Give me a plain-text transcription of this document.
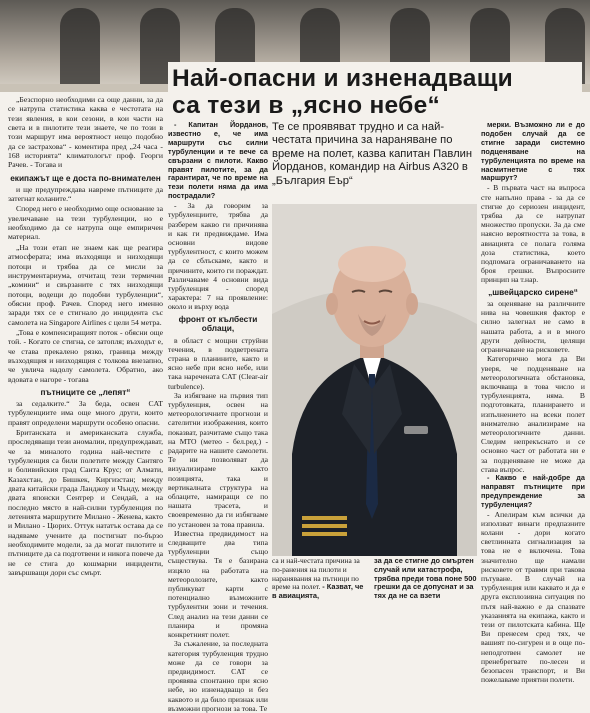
„Безспорно необходими са още данни, за да се натрупа статистика каква е честотата на тези явления, в кои сезони, в кои части на света и в пилотите тези знаете, че по този в този маршрут има вероятност нещо подобно да се застрахова“ - коментира пред „24 часа - 168 историята“ климатологът проф. Георги Рачев. - Тогава и

екипажът ще е доста по-внимателен

и ще предупреждава навреме пътниците да затегнат коланите.“

Според него е необходимо още основание за увеличаване на тези турбуленции, но е необходимо да се натрупа още емпиричен материал.

„На този етап не знаем как ще реагира атмосферата; има възходящи и низходящи потоци и трябва да се мисли за инструментариума, отчитащ тези термични „комини“ и свързаните с тях низходящи потоци, водещи до подобни турбуленции“, обясни проф. Рачев. Според него именно заради тях се е стигнало до инцидента със самолета на Singapore Airlines с цели 54 метра.

„Това е компенсиращият поток - обясни още той. - Когато се стигна, се затопля; възходът е, че става прекалено рязко, граница между възходящия и низходящия с толкова внезапно, че увлича надолу самолета. Обратно, ако вдовата е нагоре - тогава

пътниците се „лепят“

за седалките.“ За беда, освен CAT турбуленциите има още много други, които правят определени маршрути особено опасни.

Британската и американската служба, проследяващи тези аномалии, предупреждават, че за миналото година най-честите с турбуленция са били полетите между Сантяго и боливийския град Санта Крус; от Алмати, Казахстан, до Бишкек, Киргизстан; между двата китайски града Ланджоу и Чънду, между двата японски Сентрер и Сендай, а на последно място в най-силни турбуленция по летенията маршрутите Милано - Женева, както и Милано - Цюрих. Оттук нататък остава да се надяваме учените да постигнат по-бързо необходимите модели, за да могат пилотите и пътниците да са подготвени и никога повече да не се стига до кошмарни инциденти, завършващи дори със смърт.

Най-опасни и изненадващи
са тези в „ясно небе“
Те се проявяват трудно и са най-честата причина за нараняване по време на полет, казва капитан Павлин Йорданов, командир на Airbus A320 в „България Еър“

- Капитан Йорданов, известно е, че има маршрути със силни турбуленции и те вече са свързани с пилоти. Какво правят пилотите, за да гарантират, че по време на тези полети няма да има пострадали?

- За да говорим за турбуленциите, трябва да разберем какво ги причинява и как ги предвиждаме. Има основни видове турбулентност, с които можем да се сблъскаме, както и причините, които ги пораждат. Различаваме 4 основни вида турбуленция - според характера: 7 на проявление: около и върху вода

фронт от кълбести облаци,

в област с мощни струйни течения, в подветрената страна в планините, както и ясно небе при ясно небе, или така наречената CAT (Clear-air turbulence).

За избягване на първия тип турбуленция, освен на метеорологичните прогнози и сателитни изображения, които показват, разчитаме също така на МТО (метео - бел.ред.) - радарите на нашите самолети. Те ни позволяват да визуализираме както позицията, така и вертикалната структура на облаците, намиращи се по нашата трасета, и своевременно да ги избягваме по установен за това правила.

Известна предвидимост на следващите два типа турбуленции също съществува. Тя е базирана изцяло на работата на метеоролозите, както публикуват карти с потенциално възможните турбулентни зони и течения. След анализ на тези данни се планира и промяна конкретният полет.

За съжаление, за последната категория турбуленция трудно може да се говори за предвидимост. CAT се проявява спонтанно при ясно небе, но изненадващо и без каквото и да било признак или възможни прогнози за това. Те

са и най-честата причина за по-ранения на пилоти и наранявания на пътници по време на полет. - Казват, че в авиацията,
за да се стигне до смъртен случай или катастрофа, трябва преди това поне 500 грешки да се допуснат и за тях да не са взети

мерки. Възможно ли е до подобен случай да се стигне заради системно подценяване на турбуленцията по време на насмитнетие с тях маршрут?

- В първата част на въпроса сте напълно права - за да се стигне до сериозен инцидент, трябва да се натрупат множество пропуски. За да сме наясно вероятността за това, в авиацията се полага голяма доза статистика, което подпомага ограничаването на броя грешки. Въпросните принцип на т.нар.

„швейцарско сирене“

за оценяване на различните нива на човешкия фактор е силно залегнал не само в нашата работа, а и в много други дейности, целящи ограничаване на рисковете.

Категорично мога да Ви уверя, че подценяване на метеорологичната обстановка, включваща в това число и турбуленцията, няма. В подготовката, планирането и изпълнението на всеки полет внимателно анализираме на метеорологичните данни. Следим непрекъснато и се основно част от работата ни е за подценяване не може да става въпрос.

- Какво е най-добре да направят пътниците при предупреждение за турбуленция?

- Апелирам към всички да използват винаги предпазните колани - дори когато светлинната сигнализация за това не е включена. Това значително ще намали рисковете от травми при такова пътуване. В случай на турбуленция или каквато и да е друга експлозивна ситуация по пътя най-важно е да спазвате указанията на екипажа, както и тези от пилотската кабина. Ще Ви пренесем сред тях, че вашият по-сигурен и в още по-неподготвен самолет не пренебрегвате по-лесен и безопасен транспорт, и Ви пожелаваме приятни полети.
